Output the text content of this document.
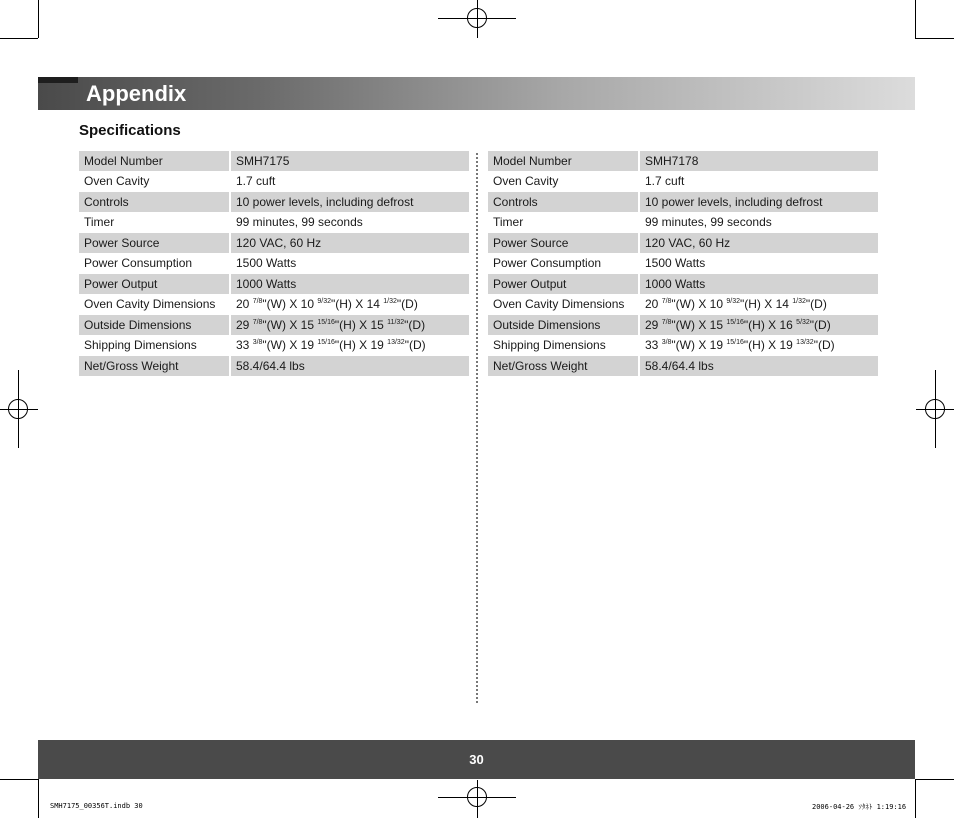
Appendix
Specifications
Model Number	SMH7175
Oven Cavity	1.7 cuft
Controls	10 power levels, including defrost
Timer	99 minutes, 99 seconds
Power Source	120 VAC, 60 Hz
Power Consumption	1500 Watts
Power Output	1000 Watts
Oven Cavity Dimensions	20 $^{7/8}$"(W) X 10 $^{9/32}$"(H) X 14 $^{1/32}$"(D)
Outside Dimensions	29 $^{7/8}$"(W) X 15 $^{15/16}$"(H) X 15 $^{11/32}$"(D)
Shipping Dimensions	33 $^{3/8}$"(W) X 19 $^{15/16}$"(H) X 19 $^{13/32}$"(D)
Net/Gross Weight	58.4/64.4 lbs
Model Number	SMH7178
Oven Cavity	1.7 cuft
Controls	10 power levels, including defrost
Timer	99 minutes, 99 seconds
Power Source	120 VAC, 60 Hz
Power Consumption	1500 Watts
Power Output	1000 Watts
Oven Cavity Dimensions	20 $^{7/8}$"(W) X 10 $^{9/32}$"(H) X 14 $^{1/32}$"(D)
Outside Dimensions	29 $^{7/8}$"(W) X 15 $^{15/16}$"(H) X 16 $^{5/32}$"(D)
Shipping Dimensions	33 $^{3/8}$"(W) X 19 $^{15/16}$"(H) X 19 $^{13/32}$"(D)
Net/Gross Weight	58.4/64.4 lbs
30
SMH7175_00356T.indb 30	2006-04-26 ｿﾀﾈﾄ 1:19:16
